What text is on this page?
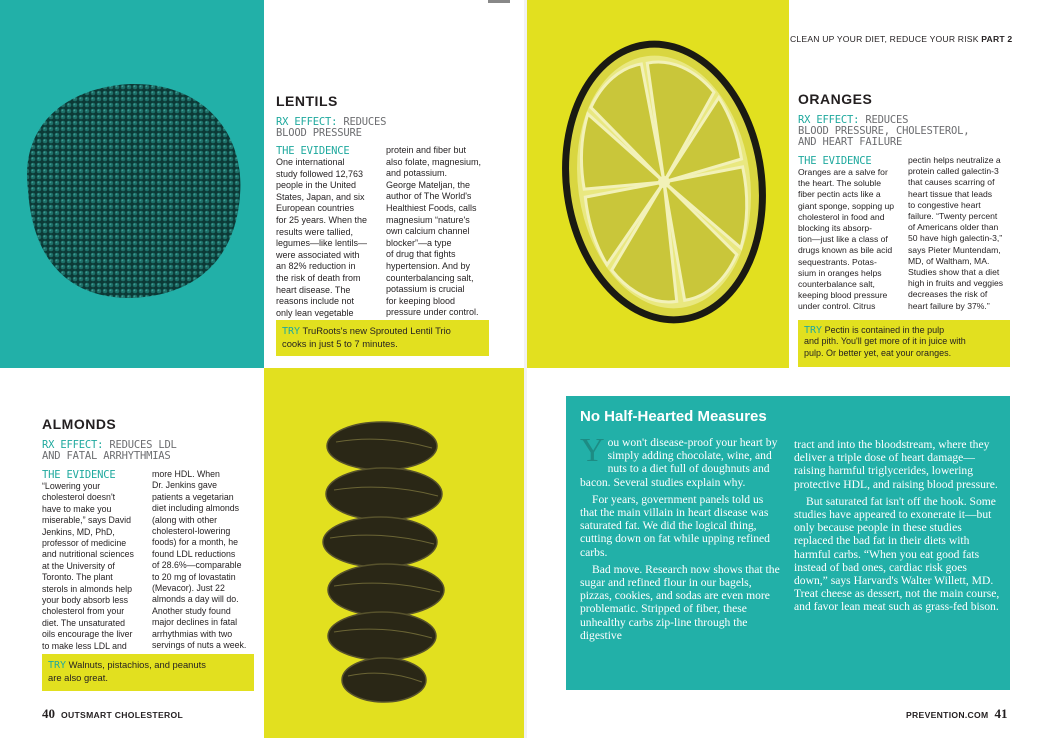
CLEAN UP YOUR DIET, REDUCE YOUR RISK PART 2
LENTILS
RX EFFECT: REDUCES
BLOOD PRESSURE
THE EVIDENCE
One international
study followed 12,763
people in the United
States, Japan, and six
European countries
for 25 years. When the
results were tallied,
legumes—like lentils—
were associated with
an 82% reduction in
the risk of death from
heart disease. The
reasons include not
only lean vegetable
protein and fiber but
also folate, magnesium,
and potassium.
George Mateljan, the
author of The World's
Healthiest Foods, calls
magnesium “nature's
own calcium channel
blocker”—a type
of drug that fights
hypertension. And by
counterbalancing salt,
potassium is crucial
for keeping blood
pressure under control.
TRY TruRoots's new Sprouted Lentil Trio
cooks in just 5 to 7 minutes.
ORANGES
RX EFFECT: REDUCES
BLOOD PRESSURE, CHOLESTEROL,
AND HEART FAILURE
THE EVIDENCE
Oranges are a salve for
the heart. The soluble
fiber pectin acts like a
giant sponge, sopping up
cholesterol in food and
blocking its absorp-
tion—just like a class of
drugs known as bile acid
sequestrants. Potas-
sium in oranges helps
counterbalance salt,
keeping blood pressure
under control. Citrus
pectin helps neutralize a
protein called galectin-3
that causes scarring of
heart tissue that leads
to congestive heart
failure. “Twenty percent
of Americans older than
50 have high galectin-3,”
says Pieter Muntendam,
MD, of Waltham, MA.
Studies show that a diet
high in fruits and veggies
decreases the risk of
heart failure by 37%.”
TRY Pectin is contained in the pulp
and pith. You'll get more of it in juice with
pulp. Or better yet, eat your oranges.
ALMONDS
RX EFFECT: REDUCES LDL
AND FATAL ARRHYTHMIAS
THE EVIDENCE
“Lowering your
cholesterol doesn't
have to make you
miserable,” says David
Jenkins, MD, PhD,
professor of medicine
and nutritional sciences
at the University of
Toronto. The plant
sterols in almonds help
your body absorb less
cholesterol from your
diet. The unsaturated
oils encourage the liver
to make less LDL and
more HDL. When
Dr. Jenkins gave
patients a vegetarian
diet including almonds
(along with other
cholesterol-lowering
foods) for a month, he
found LDL reductions
of 28.6%—comparable
to 20 mg of lovastatin
(Mevacor). Just 22
almonds a day will do.
Another study found
major declines in fatal
arrhythmias with two
servings of nuts a week.
TRY Walnuts, pistachios, and peanuts
are also great.
No Half-Hearted Measures

You won't disease-proof your heart by simply adding chocolate, wine, and nuts to a diet full of doughnuts and bacon. Several studies explain why.

For years, government panels told us that the main villain in heart disease was saturated fat. We did the logical thing, cutting down on fat while upping refined carbs.

Bad move. Research now shows that the sugar and refined flour in our bagels, pizzas, cookies, and sodas are even more problematic. Stripped of fiber, these unhealthy carbs zip-line through the digestive

tract and into the bloodstream, where they deliver a triple dose of heart damage—raising harmful triglycerides, lowering protective HDL, and raising blood pressure.

But saturated fat isn't off the hook. Some studies have appeared to exonerate it—but only because people in these studies replaced the bad fat in their diets with harmful carbs. “When you eat good fats instead of bad ones, cardiac risk goes down,” says Harvard's Walter Willett, MD. Treat cheese as dessert, not the main course, and favor lean meat such as grass-fed bison.

40 OUTSMART CHOLESTEROL	PREVENTION.COM 41
